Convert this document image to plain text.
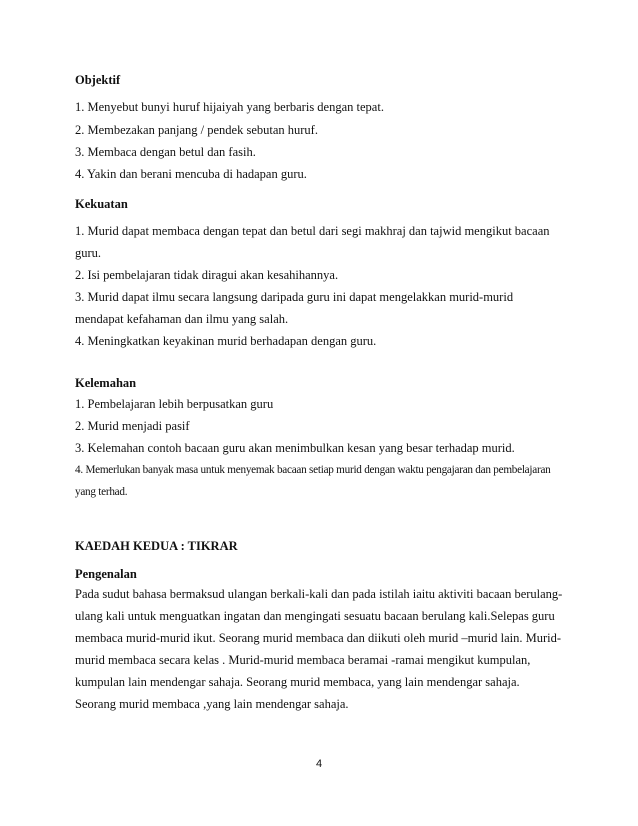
Objektif

1. Menyebut bunyi huruf hijaiyah yang berbaris dengan tepat.

2. Membezakan panjang / pendek sebutan huruf.

3. Membaca dengan betul dan fasih.

4. Yakin dan berani mencuba di hadapan guru.

Kekuatan

1. Murid dapat membaca dengan tepat dan betul dari segi makhraj dan tajwid mengikut bacaan

guru.

2. Isi pembelajaran tidak diragui akan kesahihannya.

3. Murid dapat ilmu secara langsung daripada guru ini dapat mengelakkan murid-murid

mendapat kefahaman dan ilmu yang salah.

4. Meningkatkan keyakinan murid berhadapan dengan guru.

Kelemahan

1. Pembelajaran lebih berpusatkan guru

2. Murid menjadi pasif

3. Kelemahan contoh bacaan guru akan menimbulkan kesan yang besar terhadap murid.

4. Memerlukan banyak masa untuk menyemak bacaan setiap murid dengan waktu pengajaran dan pembelajaran

yang terhad.

KAEDAH KEDUA : TIKRAR

Pengenalan

Pada sudut bahasa bermaksud ulangan berkali-kali dan pada istilah iaitu aktiviti bacaan berulang-
ulang kali untuk menguatkan ingatan dan mengingati sesuatu bacaan berulang kali.Selepas guru
membaca murid-murid ikut. Seorang murid membaca dan diikuti oleh murid –murid lain. Murid-
murid membaca secara kelas . Murid-murid membaca beramai -ramai mengikut kumpulan,
kumpulan lain mendengar sahaja. Seorang murid membaca, yang lain mendengar sahaja.
Seorang murid membaca ,yang lain mendengar sahaja.

4
